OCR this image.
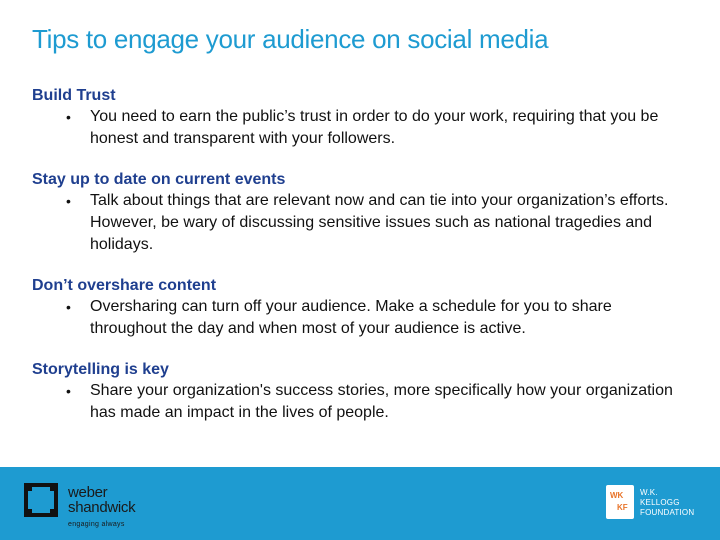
Tips to engage your audience on social media
Build Trust
• You need to earn the public’s trust in order to do your work, requiring that you be honest and transparent with your followers.
Stay up to date on current events
• Talk about things that are relevant now and can tie into your organization’s efforts. However, be wary of discussing sensitive issues such as national tragedies and holidays.
Don’t overshare content
• Oversharing can turn off your audience. Make a schedule for you to share throughout the day and when most of your audience is active.
Storytelling is key
• Share your organization's success stories, more specifically how your organization has made an impact in the lives of people.
weber
shandwick
engaging always
WK
KF
W.K.
KELLOGG
FOUNDATION
